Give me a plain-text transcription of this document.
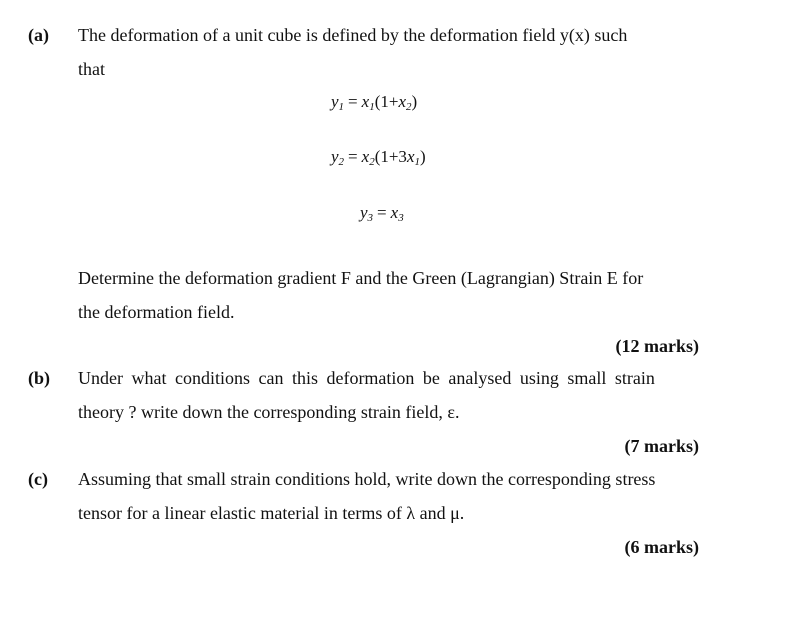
(a) The deformation of a unit cube is defined by the deformation field y(x) such
that
$y_1 = x_1(1+x_2)$
$y_2 = x_2(1+3x_1)$
$y_3 = x_3$
Determine the deformation gradient F and the Green (Lagrangian) Strain E for
the deformation field.
(12 marks)
(b) Under what conditions can this deformation be analysed using small strain
theory ? write down the corresponding strain field, ε.
(7 marks)
(c) Assuming that small strain conditions hold, write down the corresponding stress
tensor for a linear elastic material in terms of λ and μ.
(6 marks)
